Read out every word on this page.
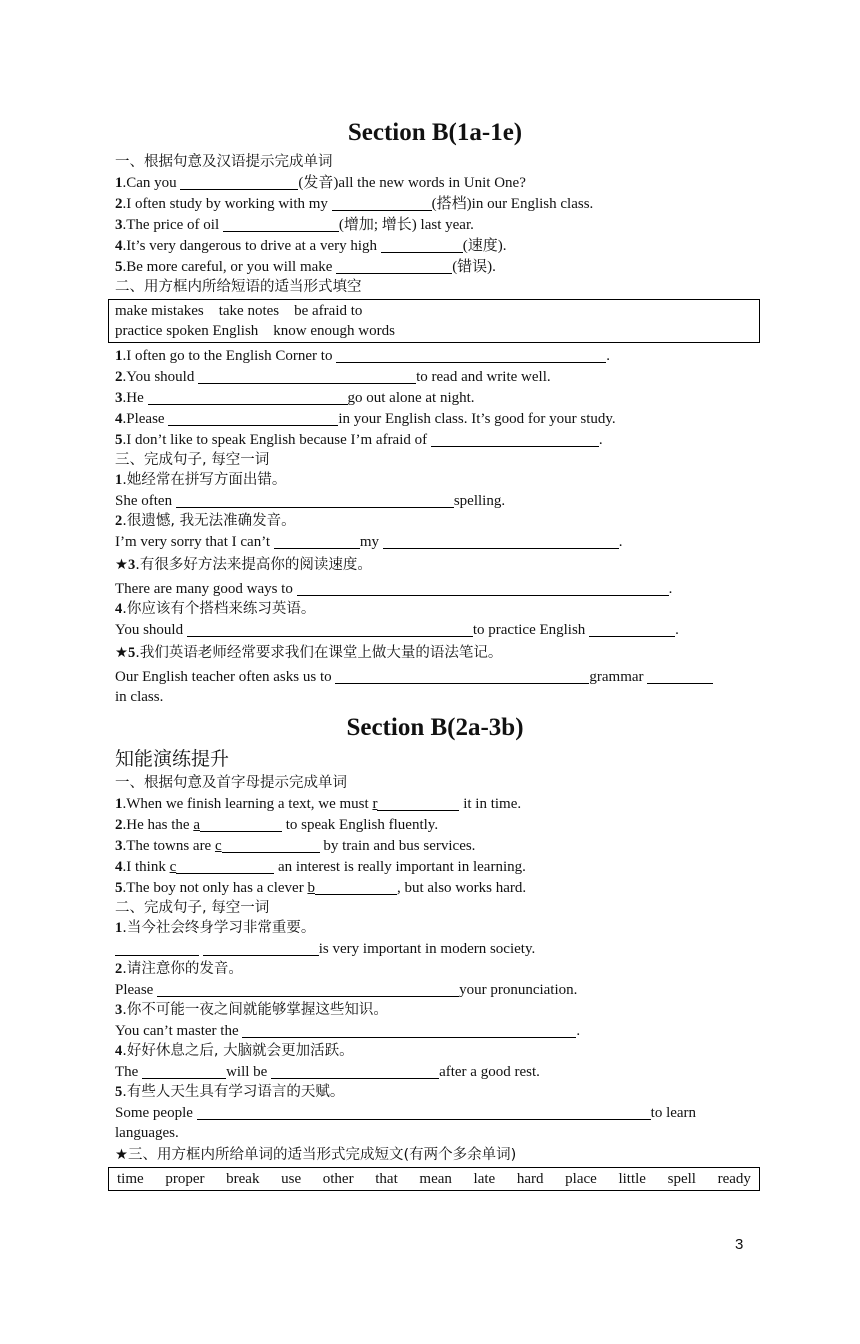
Section B(1a-1e)

一、根据句意及汉语提示完成单词

1.Can you	(发音)all the new words in Unit One?

2.I often study by working with my	(搭档)in our English class.

3.The price of oil	(增加; 增长) last year.

4.It’s very dangerous to drive at a very high	(速度).

5.Be more careful, or you will make	(错误).

二、用方框内所给短语的适当形式填空

make mistakes    take notes    be afraid to

practice spoken English    know enough words

1.I often go to the English Corner to	.

2.You should	to read and write well.

3.He	go out alone at night.

4.Please	in your English class. It’s good for your study.

5.I don’t like to speak English because I’m afraid of	.

三、完成句子, 每空一词

1.她经常在拼写方面出错。

She often	spelling.

2.很遗憾, 我无法准确发音。

I’m very sorry that I can’t	my	.

★3.有很多好方法来提高你的阅读速度。

There are many good ways to	.

4.你应该有个搭档来练习英语。

You should	to practice English	.

★5.我们英语老师经常要求我们在课堂上做大量的语法笔记。

Our English teacher often asks us to	grammar

in class.

Section B(2a-3b)

知能演练提升

一、根据句意及首字母提示完成单词

1.When we finish learning a text, we must r	it in time.

2.He has the a	to speak English fluently.

3.The towns are c	by train and bus services.

4.I think c	an interest is really important in learning.

5.The boy not only has a clever b	, but also works hard.

二、完成句子, 每空一词

1.当今社会终身学习非常重要。

is very important in modern society.

2.请注意你的发音。

Please	your pronunciation.

3.你不可能一夜之间就能够掌握这些知识。

You can’t master the	.

4.好好休息之后, 大脑就会更加活跃。

The	will be	after a good rest.

5.有些人天生具有学习语言的天赋。

Some people	to learn

languages.

★三、用方框内所给单词的适当形式完成短文(有两个多余单词)

time proper break use other that mean late hard place little spell ready
3
